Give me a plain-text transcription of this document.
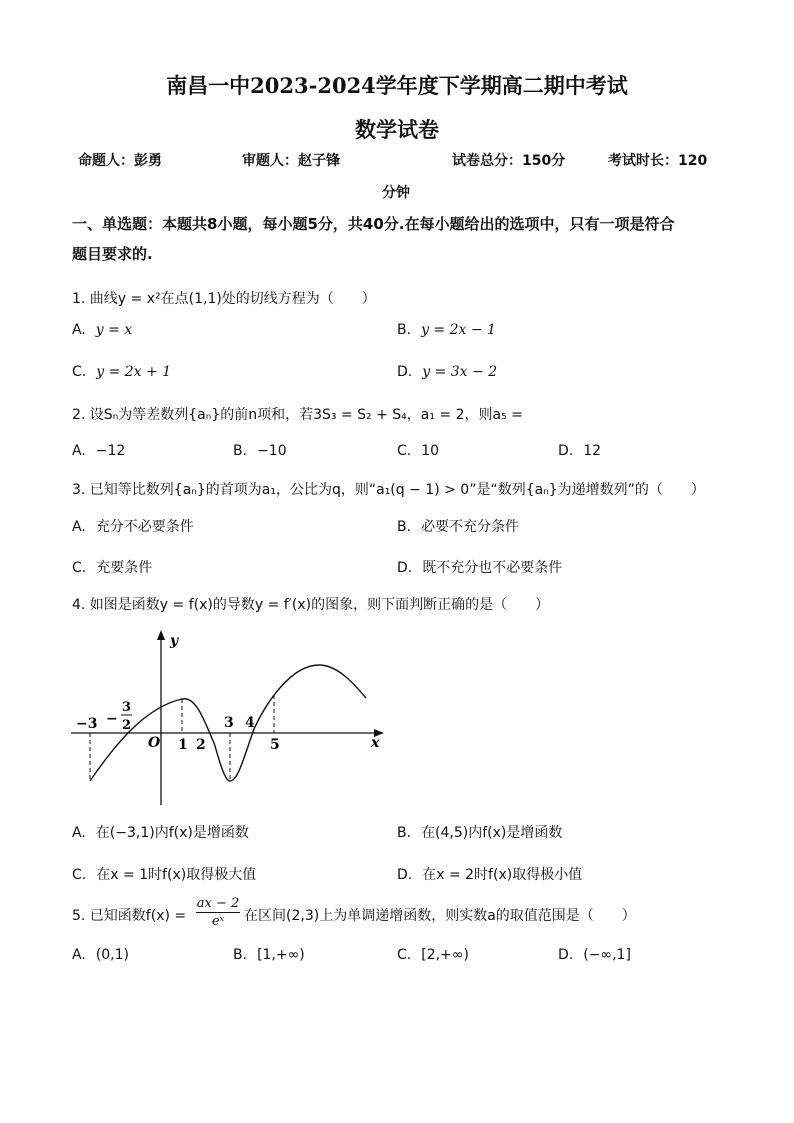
南昌一中2023-2024学年度下学期高二期中考试
数学试卷
命题人：彭勇	审题人：赵子锋	试卷总分：150分	考试时长：120
分钟
一、单选题：本题共8小题，每小题5分，共40分.在每小题给出的选项中，只有一项是符合
题目要求的.
1. 曲线y = x²在点(1,1)处的切线方程为（　　）
A. y = x	B. y = 2x − 1
C. y = 2x + 1	D. y = 3x − 2
2. 设Sₙ为等差数列{aₙ}的前n项和，若3S₃ = S₂ + S₄，a₁ = 2，则a₅ =
A. −12	B. −10	C. 10	D. 12
3. 已知等比数列{aₙ}的首项为a₁，公比为q，则“a₁(q − 1) > 0”是“数列{aₙ}为递增数列”的（　　）
A. 充分不必要条件	B. 必要不充分条件
C. 充要条件	D. 既不充分也不必要条件
4. 如图是函数y = f(x)的导数y = f′(x)的图象，则下面判断正确的是（　　）
y
x
O
−3 −
3
2
1 2
3 4
5
A. 在(−3,1)内f(x)是增函数	B. 在(4,5)内f(x)是增函数
C. 在x = 1时f(x)取得极大值	D. 在x = 2时f(x)取得极小值
5. 已知函数$f(x) = \frac{ax - 2}{\text{eˣ}}$ 在区间(2,3)上为单调递增函数，则实数a的取值范围是（　　）
A. (0,1)	B. [1,+∞)	C. [2,+∞)	D. (−∞,1]
